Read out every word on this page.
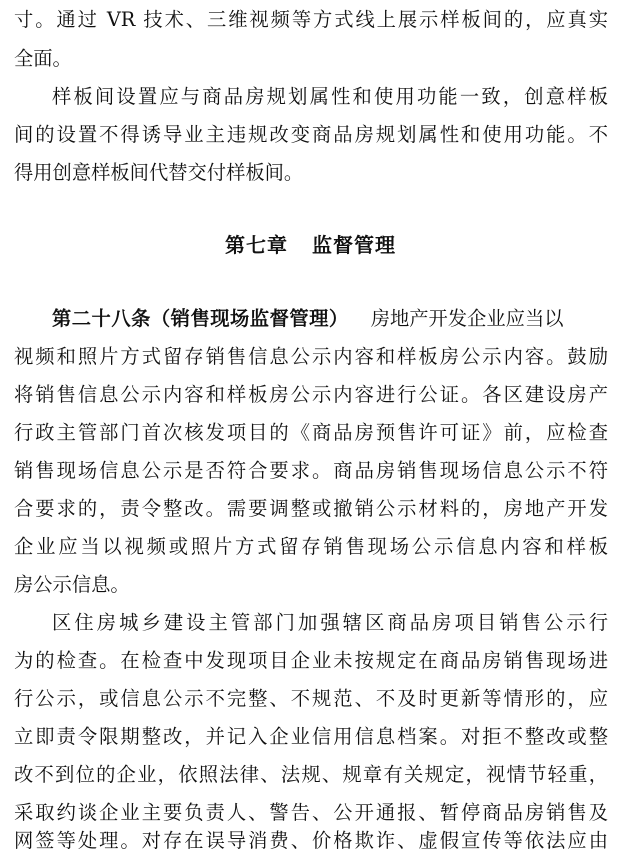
寸。通过 VR 技术、三维视频等方式线上展示样板间的，应真实
全面。
样板间设置应与商品房规划属性和使用功能一致，创意样板
间的设置不得诱导业主违规改变商品房规划属性和使用功能。不
得用创意样板间代替交付样板间。
第七章 监督管理
第二十八条（销售现场监督管理） 房地产开发企业应当以
视频和照片方式留存销售信息公示内容和样板房公示内容。鼓励
将销售信息公示内容和样板房公示内容进行公证。各区建设房产
行政主管部门首次核发项目的《商品房预售许可证》前，应检查
销售现场信息公示是否符合要求。商品房销售现场信息公示不符
合要求的，责令整改。需要调整或撤销公示材料的，房地产开发
企业应当以视频或照片方式留存销售现场公示信息内容和样板
房公示信息。
区住房城乡建设主管部门加强辖区商品房项目销售公示行
为的检查。在检查中发现项目企业未按规定在商品房销售现场进
行公示，或信息公示不完整、不规范、不及时更新等情形的，应
立即责令限期整改，并记入企业信用信息档案。对拒不整改或整
改不到位的企业，依照法律、法规、规章有关规定，视情节轻重，
采取约谈企业主要负责人、警告、公开通报、暂停商品房销售及
网签等处理。对存在误导消费、价格欺诈、虚假宣传等依法应由
